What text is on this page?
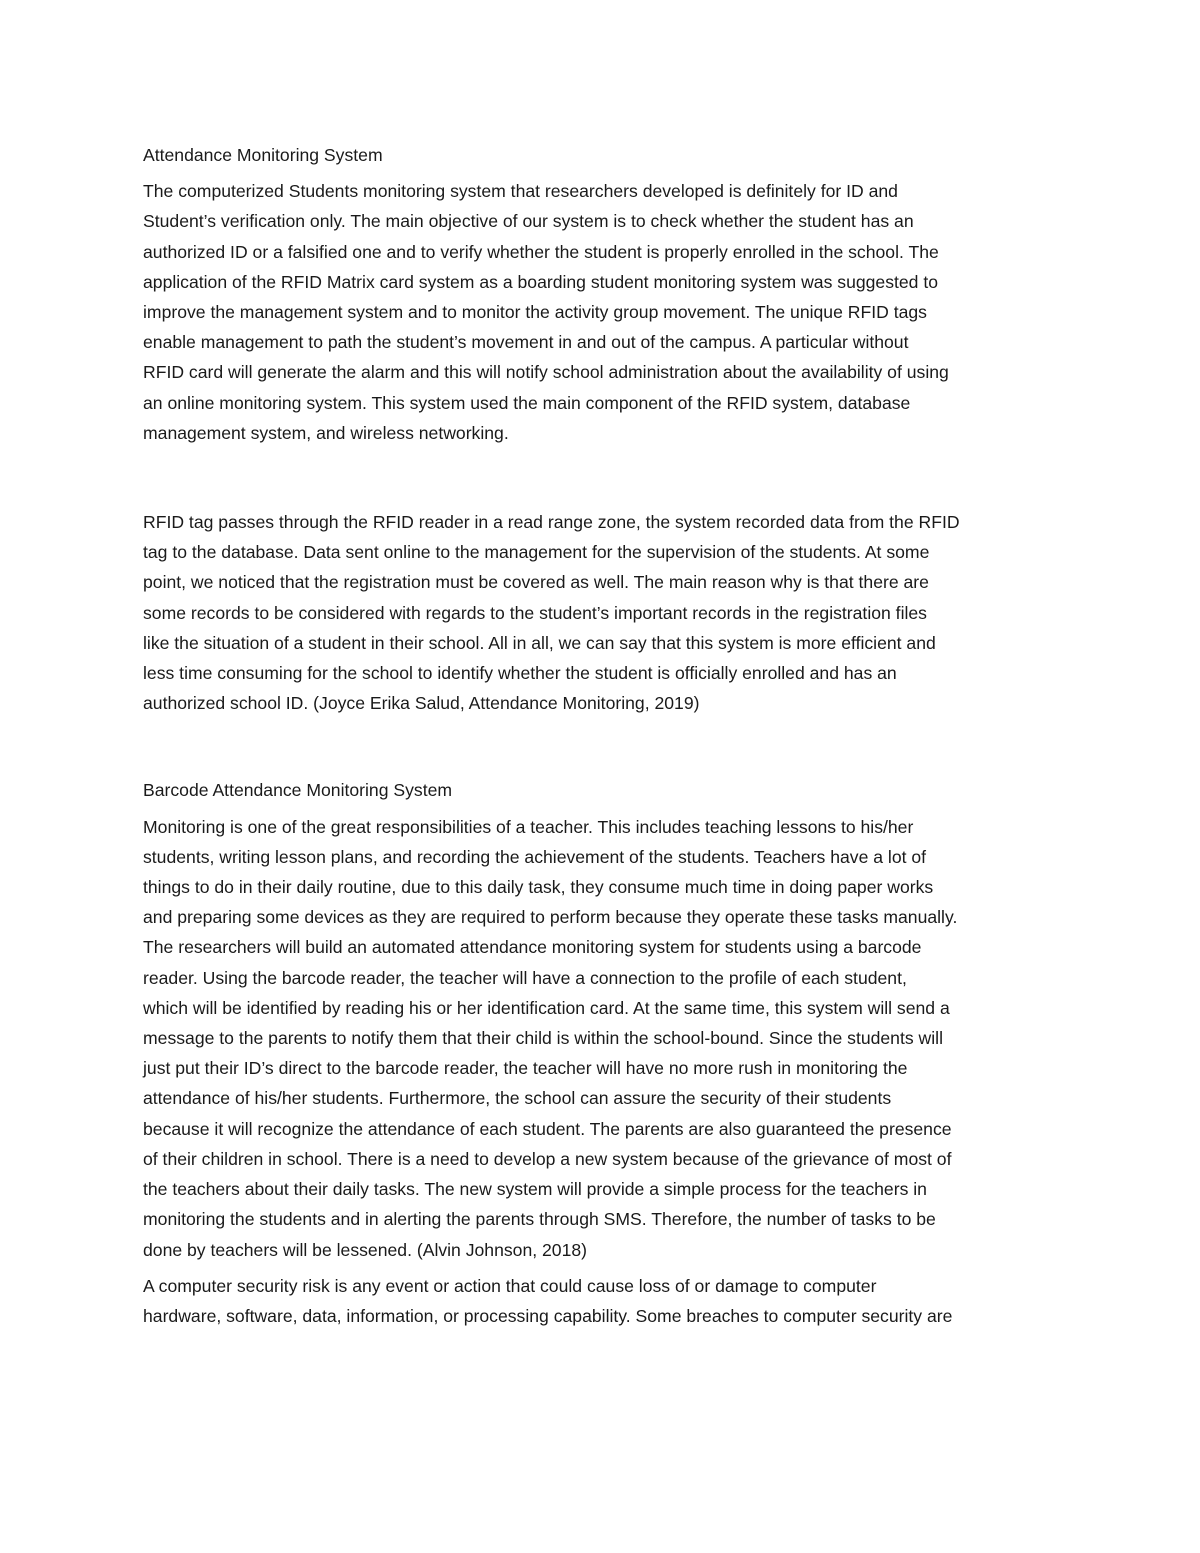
Attendance Monitoring System
The computerized Students monitoring system that researchers developed is definitely for ID and
Student’s verification only. The main objective of our system is to check whether the student has an
authorized ID or a falsified one and to verify whether the student is properly enrolled in the school. The
application of the RFID Matrix card system as a boarding student monitoring system was suggested to
improve the management system and to monitor the activity group movement. The unique RFID tags
enable management to path the student’s movement in and out of the campus. A particular without
RFID card will generate the alarm and this will notify school administration about the availability of using
an online monitoring system. This system used the main component of the RFID system, database
management system, and wireless networking.
RFID tag passes through the RFID reader in a read range zone, the system recorded data from the RFID
tag to the database. Data sent online to the management for the supervision of the students. At some
point, we noticed that the registration must be covered as well. The main reason why is that there are
some records to be considered with regards to the student’s important records in the registration files
like the situation of a student in their school. All in all, we can say that this system is more efficient and
less time consuming for the school to identify whether the student is officially enrolled and has an
authorized school ID. (Joyce Erika Salud, Attendance Monitoring, 2019)
Barcode Attendance Monitoring System
Monitoring is one of the great responsibilities of a teacher. This includes teaching lessons to his/her
students, writing lesson plans, and recording the achievement of the students. Teachers have a lot of
things to do in their daily routine, due to this daily task, they consume much time in doing paper works
and preparing some devices as they are required to perform because they operate these tasks manually.
The researchers will build an automated attendance monitoring system for students using a barcode
reader. Using the barcode reader, the teacher will have a connection to the profile of each student,
which will be identified by reading his or her identification card. At the same time, this system will send a
message to the parents to notify them that their child is within the school-bound. Since the students will
just put their ID’s direct to the barcode reader, the teacher will have no more rush in monitoring the
attendance of his/her students. Furthermore, the school can assure the security of their students
because it will recognize the attendance of each student. The parents are also guaranteed the presence
of their children in school. There is a need to develop a new system because of the grievance of most of
the teachers about their daily tasks. The new system will provide a simple process for the teachers in
monitoring the students and in alerting the parents through SMS. Therefore, the number of tasks to be
done by teachers will be lessened. (Alvin Johnson, 2018)
A computer security risk is any event or action that could cause loss of or damage to computer
hardware, software, data, information, or processing capability. Some breaches to computer security are
